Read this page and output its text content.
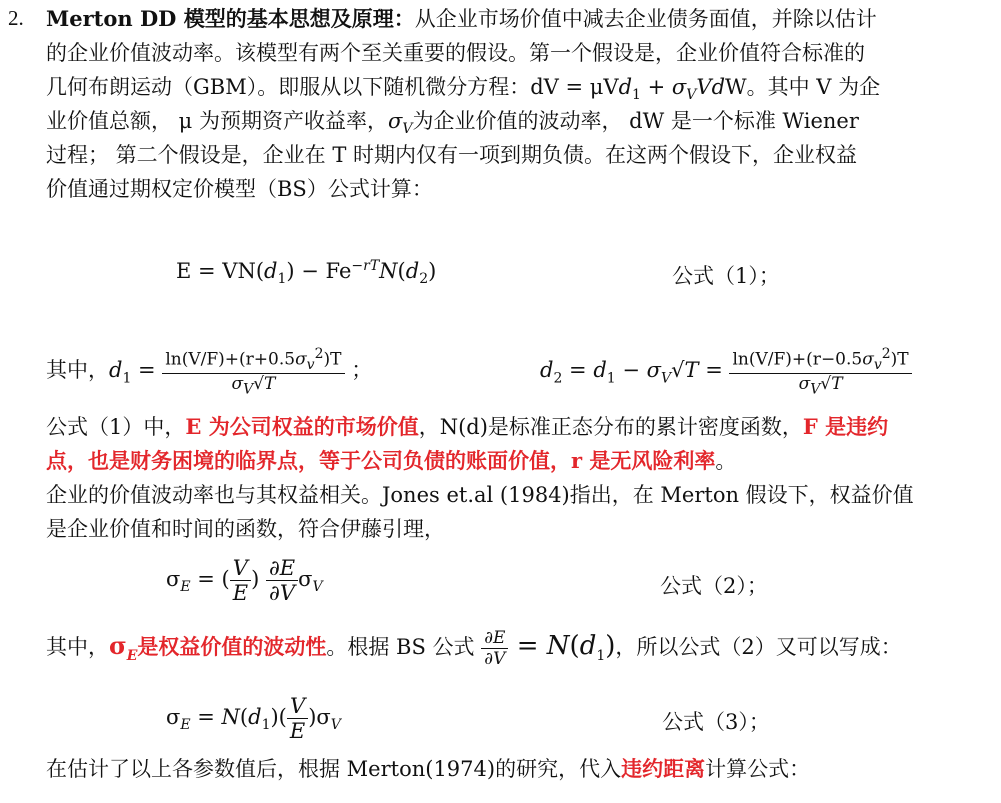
2. Merton DD 模型的基本思想及原理：从企业市场价值中减去企业债务面值，并除以估计
的企业价值波动率。该模型有两个至关重要的假设。第一个假设是，企业价值符合标准的
几何布朗运动（GBM）。即服从以下随机微分方程：dV = $\mu Vd_1 + \sigma_VVdW$。其中 V 为企
业价值总额， μ 为预期资产收益率，$\sigma_V$为企业价值的波动率， dW 是一个标准 Wiener
过程； 第二个假设是，企业在 T 时期内仅有一项到期负债。在这两个假设下，企业权益
价值通过期权定价模型（BS）公式计算：
$E = VN(d_1) - Fe^{-rT}N(d_2)$	公式（1）；
其中，$d_1 = \frac{\ln(V/F)+(r+0.5\sigma_v^2)T}{\sigma_V√T}$ ；	$d_2 = d_1 - \sigma_V√T = \frac{\ln(V/F)+(r-0.5\sigma_v^2)T}{\sigma_V√T}$
公式（1）中，E 为公司权益的市场价值，N(d)是标准正态分布的累计密度函数，F 是违约
点，也是财务困境的临界点，等于公司负债的账面价值，r 是无风险利率。
企业的价值波动率也与其权益相关。Jones et.al (1984)指出，在 Merton 假设下，权益价值
是企业价值和时间的函数，符合伊藤引理，
$\sigma_E$ = ( $\frac{V}{E}$ ) $\frac{\partial E}{\partial V} \sigma_V$	公式（2）；
其中，$\sigma_E$是权益价值的波动性。根据 BS 公式 $\frac{\partial E}{\partial V} = N(d_1)$，所以公式（2）又可以写成：
$\sigma_E = N(d_1)( \frac{V}{E} )\sigma_V$	公式（3）；
在估计了以上各参数值后，根据 Merton(1974)的研究，代入违约距离计算公式：
